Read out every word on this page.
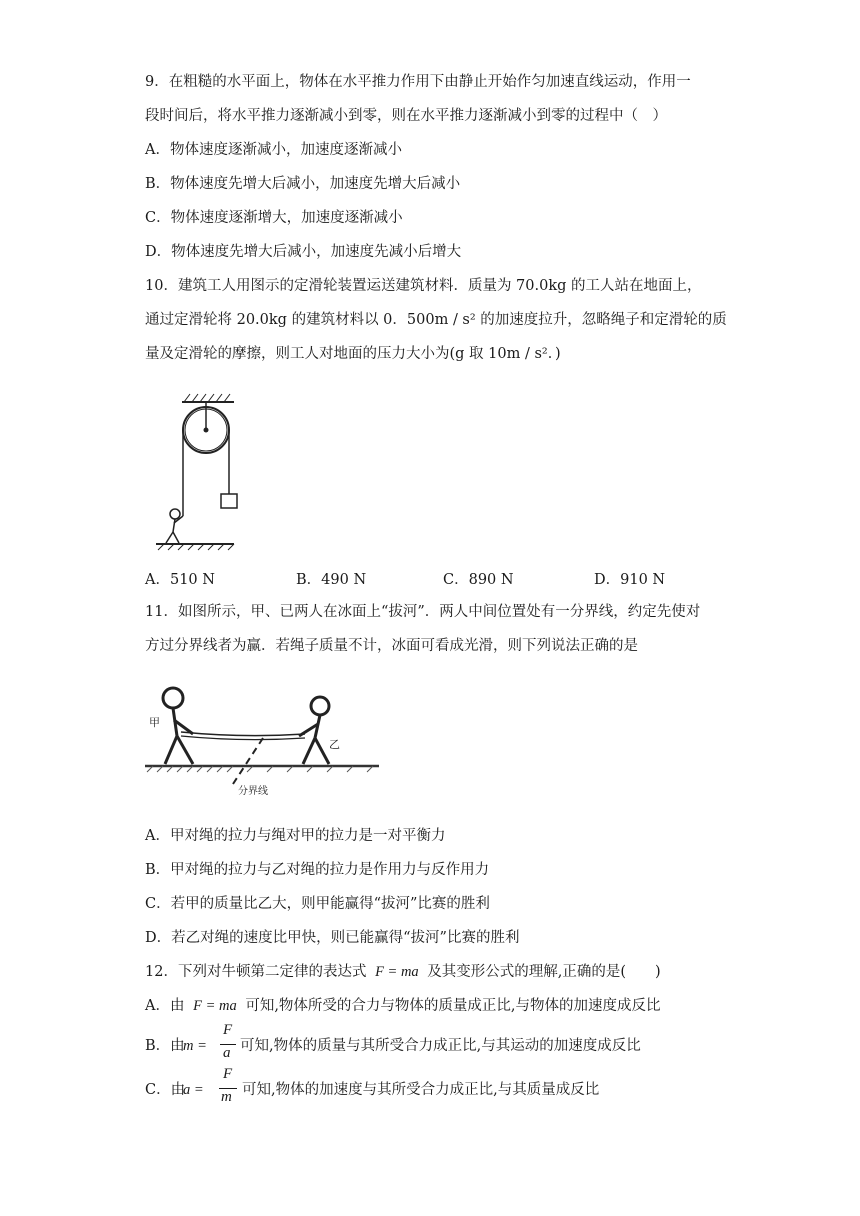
9．在粗糙的水平面上，物体在水平推力作用下由静止开始作匀加速直线运动，作用一
段时间后，将水平推力逐渐减小到零，则在水平推力逐渐减小到零的过程中（　）
A．物体速度逐渐减小，加速度逐渐减小
B．物体速度先增大后减小，加速度先增大后减小
C．物体速度逐渐增大，加速度逐渐减小
D．物体速度先增大后减小，加速度先减小后增大
10．建筑工人用图示的定滑轮装置运送建筑材料．质量为 70.0kg 的工人站在地面上，
通过定滑轮将 20.0kg 的建筑材料以 0．500m / s² 的加速度拉升，忽略绳子和定滑轮的质
量及定滑轮的摩擦，则工人对地面的压力大小为(g 取 10m / s²．)
A．510 N	B．490 N	C．890 N	D．910 N
11．如图所示，甲、已两人在冰面上“拔河”．两人中间位置处有一分界线，约定先使对
方过分界线者为赢．若绳子质量不计，冰面可看成光滑，则下列说法正确的是
甲
乙
分界线
A．甲对绳的拉力与绳对甲的拉力是一对平衡力
B．甲对绳的拉力与乙对绳的拉力是作用力与反作用力
C．若甲的质量比乙大，则甲能赢得“拔河”比赛的胜利
D．若乙对绳的速度比甲快，则已能赢得“拔河”比赛的胜利
12．下列对牛顿第二定律的表达式 F = ma 及其变形公式的理解,正确的是(　　)
A．由 F = ma 可知,物体所受的合力与物体的质量成正比,与物体的加速度成反比
B．由
m =
F
a 可知,物体的质量与其所受合力成正比,与其运动的加速度成反比
C．由
a =
F
m 可知,物体的加速度与其所受合力成正比,与其质量成反比
